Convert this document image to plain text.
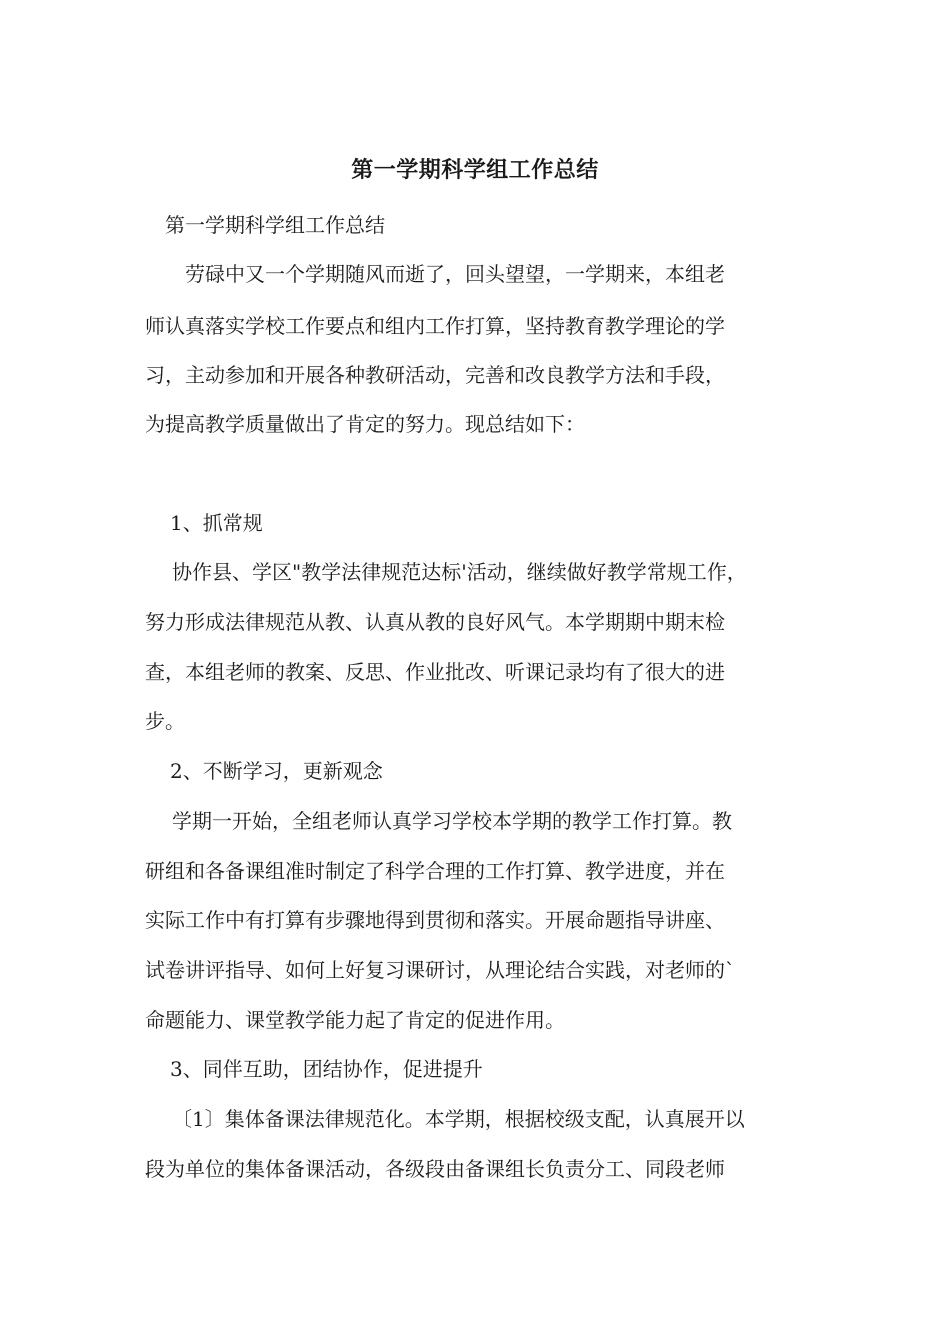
第一学期科学组工作总结

第一学期科学组工作总结

劳碌中又一个学期随风而逝了，回头望望，一学期来，本组老

师认真落实学校工作要点和组内工作打算，坚持教育教学理论的学

习，主动参加和开展各种教研活动，完善和改良教学方法和手段，

为提高教学质量做出了肯定的努力。现总结如下：

1、抓常规

协作县、学区"教学法律规范达标'活动，继续做好教学常规工作，

努力形成法律规范从教、认真从教的良好风气。本学期期中期末检

查，本组老师的教案、反思、作业批改、听课记录均有了很大的进

步。

2、不断学习，更新观念

学期一开始，全组老师认真学习学校本学期的教学工作打算。教

研组和各备课组准时制定了科学合理的工作打算、教学进度，并在

实际工作中有打算有步骤地得到贯彻和落实。开展命题指导讲座、

试卷讲评指导、如何上好复习课研讨，从理论结合实践，对老师的`

命题能力、课堂教学能力起了肯定的促进作用。

3、同伴互助，团结协作，促进提升

〔1〕集体备课法律规范化。本学期，根据校级支配，认真展开以

段为单位的集体备课活动，各级段由备课组长负责分工、同段老师
